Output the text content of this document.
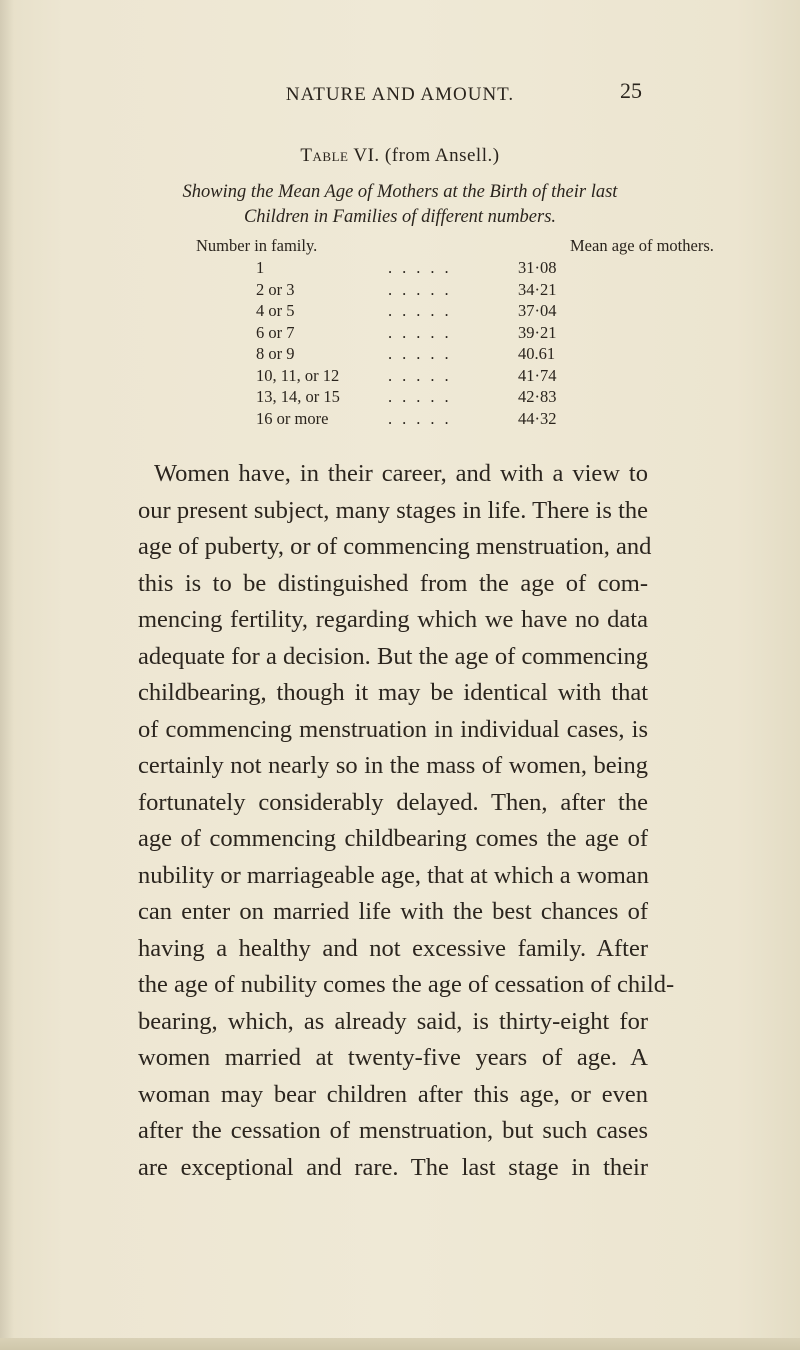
NATURE AND AMOUNT.	25
Table VI. (from Ansell.)
Showing the Mean Age of Mothers at the Birth of their last
Children in Families of different numbers.
Number in family.	Mean age of mothers.
1	.....	31·08
2 or 3	.....	34·21
4 or 5	.....	37·04
6 or 7	.....	39·21
8 or 9	.....	40.61
10, 11, or 12	.....	41·74
13, 14, or 15	.....	42·83
16 or more	.....	44·32
Women have, in their career, and with a view to
our present subject, many stages in life. There is the
age of puberty, or of commencing menstruation, and
this is to be distinguished from the age of com-
mencing fertility, regarding which we have no data
adequate for a decision. But the age of commencing
childbearing, though it may be identical with that
of commencing menstruation in individual cases, is
certainly not nearly so in the mass of women, being
fortunately considerably delayed. Then, after the
age of commencing childbearing comes the age of
nubility or marriageable age, that at which a woman
can enter on married life with the best chances of
having a healthy and not excessive family. After
the age of nubility comes the age of cessation of child-
bearing, which, as already said, is thirty-eight for
women married at twenty-five years of age. A
woman may bear children after this age, or even
after the cessation of menstruation, but such cases
are exceptional and rare. The last stage in their
